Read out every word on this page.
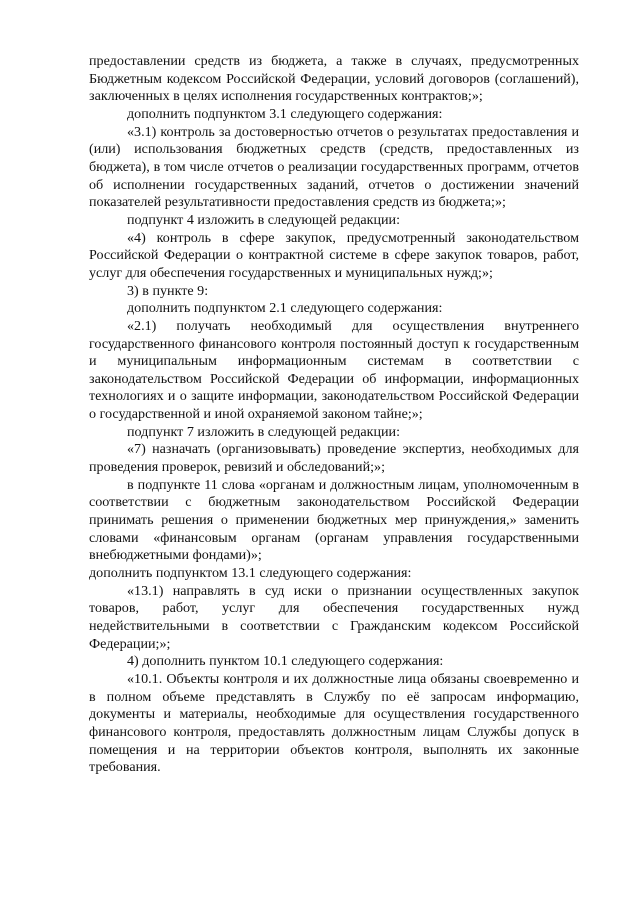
предоставлении средств из бюджета, а также в случаях, предусмотренных Бюджетным кодексом Российской Федерации, условий договоров (соглашений), заключенных в целях исполнения государственных контрактов;»;

дополнить подпунктом 3.1 следующего содержания:

«3.1) контроль за достоверностью отчетов о результатах предоставления и (или) использования бюджетных средств (средств, предоставленных из бюджета), в том числе отчетов о реализации государственных программ, отчетов об исполнении государственных заданий, отчетов о достижении значений показателей результативности предоставления средств из бюджета;»;

подпункт 4 изложить в следующей редакции:

«4) контроль в сфере закупок, предусмотренный законодательством Российской Федерации о контрактной системе в сфере закупок товаров, работ, услуг для обеспечения государственных и муниципальных нужд;»;

3) в пункте 9:

дополнить подпунктом 2.1 следующего содержания:

«2.1) получать необходимый для осуществления внутреннего государственного финансового контроля постоянный доступ к государственным и муниципальным информационным системам в соответствии с законодательством Российской Федерации об информации, информационных технологиях и о защите информации, законодательством Российской Федерации о государственной и иной охраняемой законом тайне;»;

подпункт 7 изложить в следующей редакции:

«7) назначать (организовывать) проведение экспертиз, необходимых для проведения проверок, ревизий и обследований;»;

в подпункте 11 слова «органам и должностным лицам, уполномоченным в соответствии с бюджетным законодательством Российской Федерации принимать решения о применении бюджетных мер принуждения,» заменить словами «финансовым органам (органам управления государственными внебюджетными фондами)»;

дополнить подпунктом 13.1 следующего содержания:

«13.1) направлять в суд иски о признании осуществленных закупок товаров, работ, услуг для обеспечения государственных нужд недействительными в соответствии с Гражданским кодексом Российской Федерации;»;

4) дополнить пунктом 10.1 следующего содержания:

«10.1. Объекты контроля и их должностные лица обязаны своевременно и в полном объеме представлять в Службу по её запросам информацию, документы и материалы, необходимые для осуществления государственного финансового контроля, предоставлять должностным лицам Службы допуск в помещения и на территории объектов контроля, выполнять их законные требования.
